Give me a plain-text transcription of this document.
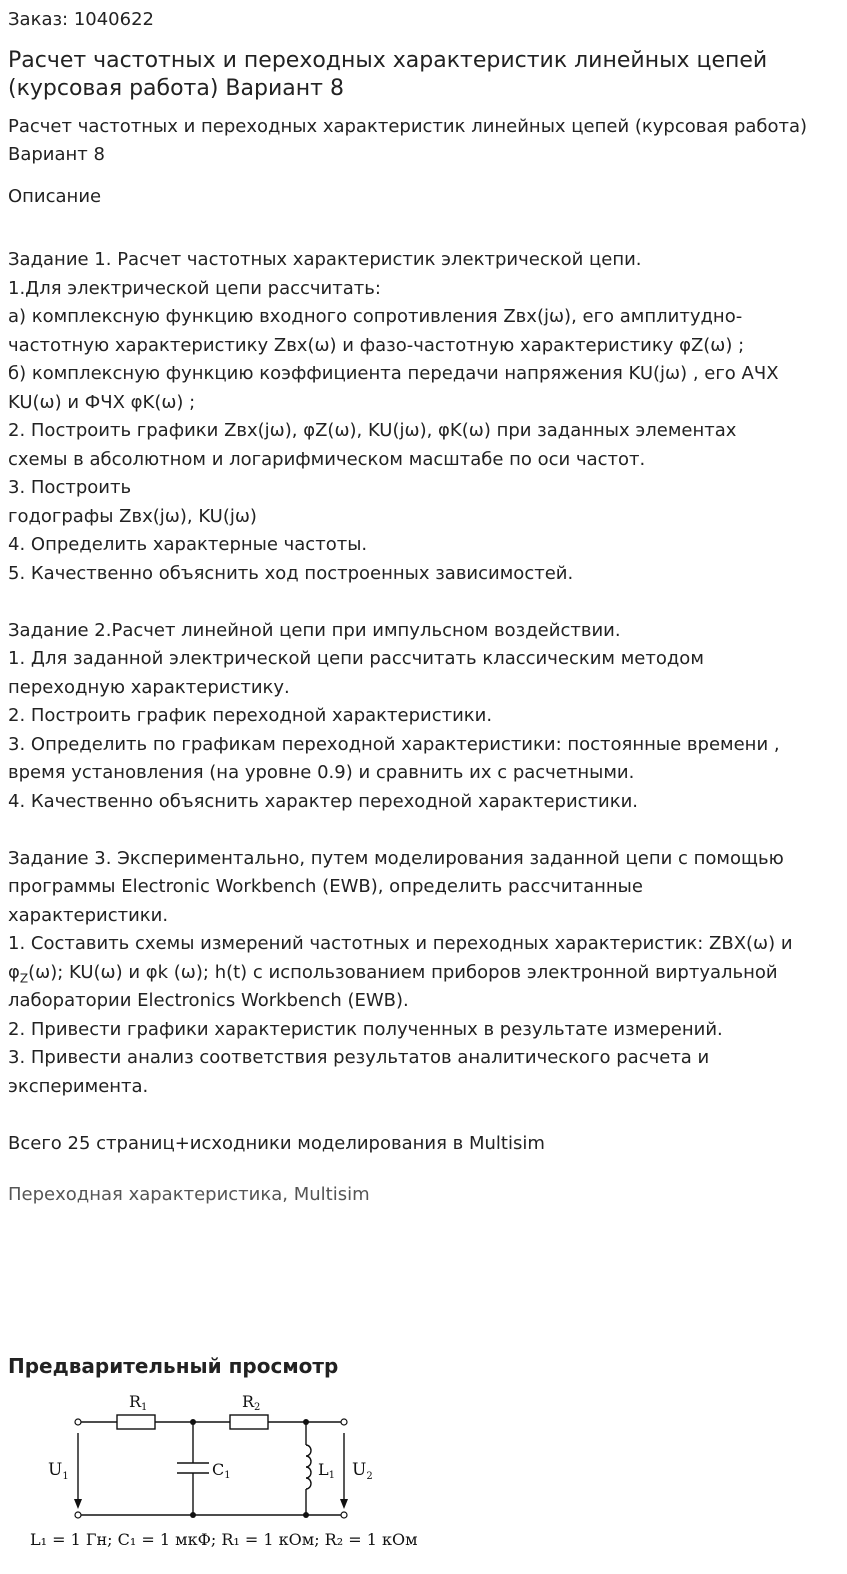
Заказ: 1040622
Расчет частотных и переходных характеристик линейных цепей (курсовая работа) Вариант 8
Расчет частотных и переходных характеристик линейных цепей (курсовая работа) Вариант 8
Описание
Задание 1. Расчет частотных характеристик электрической цепи.
1.Для электрической цепи рассчитать:
а) комплексную функцию входного сопротивления Zвх(jω), его амплитудно-
частотную характеристику Zвх(ω) и фазо-частотную характеристику φZ(ω) ;
б) комплексную функцию коэффициента передачи напряжения KU(jω) , его АЧХ
KU(ω) и ФЧХ φK(ω) ;
2. Построить графики Zвх(jω), φZ(ω), KU(jω), φK(ω) при заданных элементах
схемы в абсолютном и логарифмическом масштабе по оси частот.
3. Построить
годографы Zвх(jω), KU(jω)
4. Определить характерные частоты.
5. Качественно объяснить ход построенных зависимостей.
Задание 2.Расчет линейной цепи при импульсном воздействии.
1. Для заданной электрической цепи рассчитать классическим методом
переходную характеристику.
2. Построить график переходной характеристики.
3. Определить по графикам переходной характеристики: постоянные времени ,
время установления (на уровне 0.9) и сравнить их с расчетными.
4. Качественно объяснить характер переходной характеристики.
Задание 3. Экспериментально, путем моделирования заданной цепи с помощью
программы Electronic Workbench (EWB), определить рассчитанные
характеристики.
1. Составить схемы измерений частотных и переходных характеристик: ZBX(ω) и
$\varphi_Z(\omega)$; KU(ω) и φk (ω); h(t) с использованием приборов электронной виртуальной
лаборатории Electronics Workbench (EWB).
2. Привести графики характеристик полученных в результате измерений.
3. Привести анализ соответствия результатов аналитического расчета и
эксперимента.
Всего 25 страниц+исходники моделирования в Multisim
Переходная характеристика, Multisim
Предварительный просмотр
R1	R2
C1	L1
$U_1$	$U_2$
L₁ = 1 Гн; C₁ = 1 мкФ; R₁ = 1 кОм; R₂ = 1 кОм
